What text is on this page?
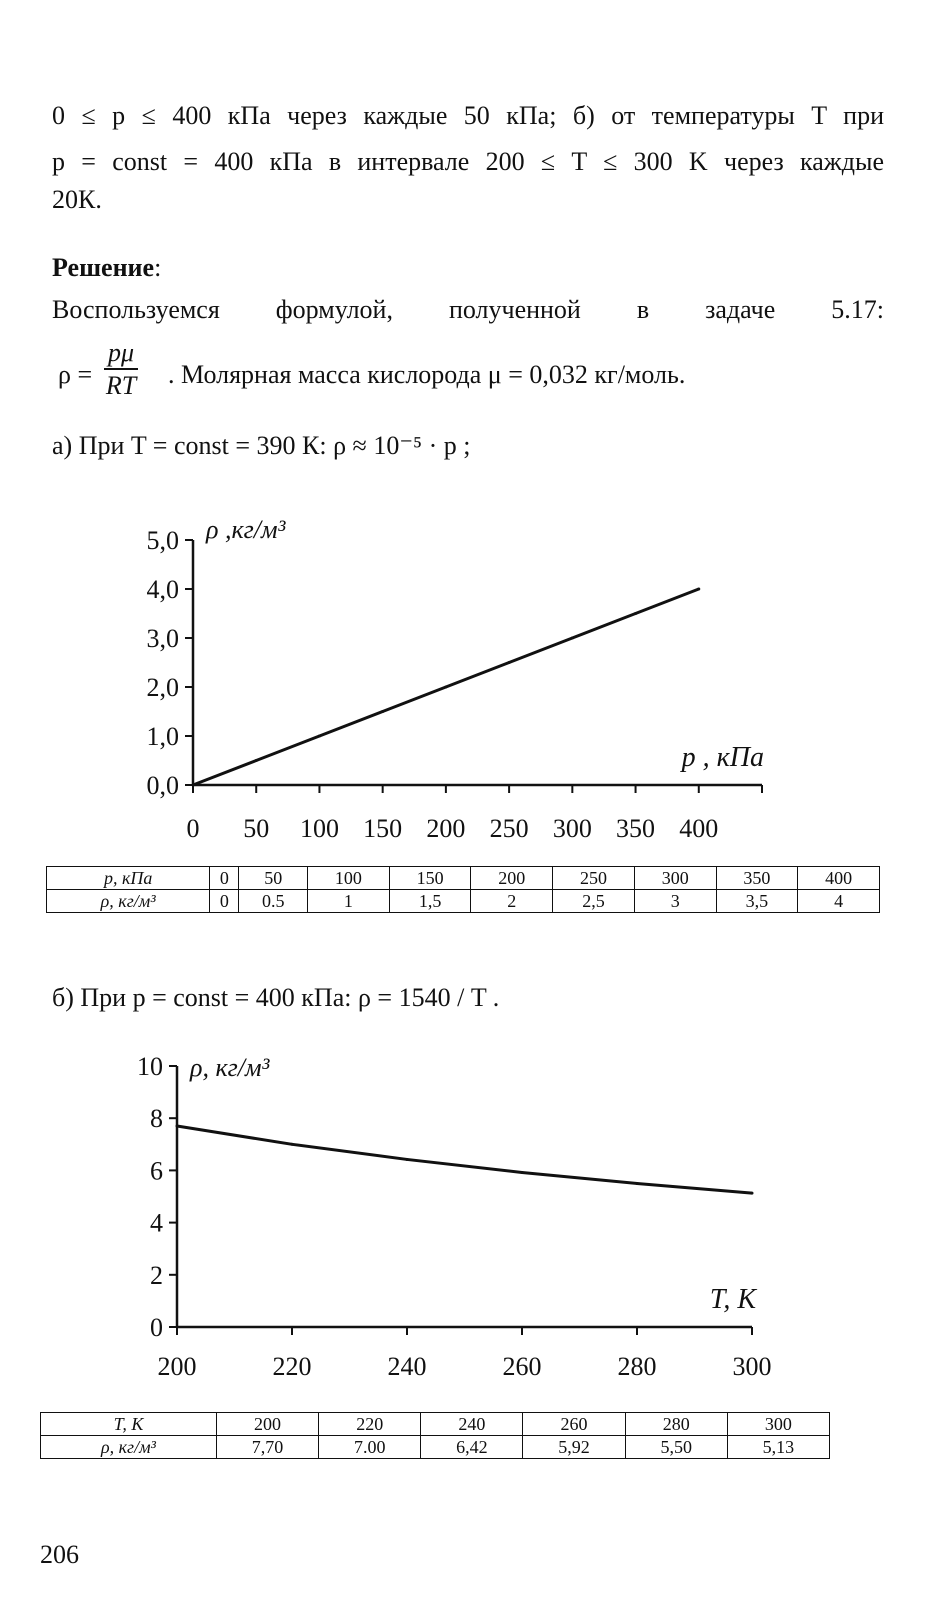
0 ≤ p ≤ 400 кПа через каждые 50 кПа; б) от температуры T при
p = const = 400 кПа в интервале 200 ≤ T ≤ 300 K через каждые
20К.
Решение:
Воспользуемся формулой, полученной в задаче 5.17:
$\rho = \frac{p\mu}{RT}$ . Молярная масса кислорода μ = 0,032 кг/моль.
а) При T = const = 390 К: ρ ≈ 10⁻⁵ · p ;
0,0
1,0
2,0
3,0
4,0
5,0
0 50 100 150 200 250 300 350 400
ρ ,кг/м³
p , кПа
p, кПа	0	50	100	150	200	250	300	350	400
ρ, кг/м³	0	0.5	1	1,5	2	2,5	3	3,5	4
б) При p = const = 400 кПа: ρ = 1540 / T .
0
2
4
6
8
10
200	220	240	260	280	300
ρ, кг/м³
T, K
T, К	200	220	240	260	280	300
ρ, кг/м³	7,70	7.00	6,42	5,92	5,50	5,13
206
